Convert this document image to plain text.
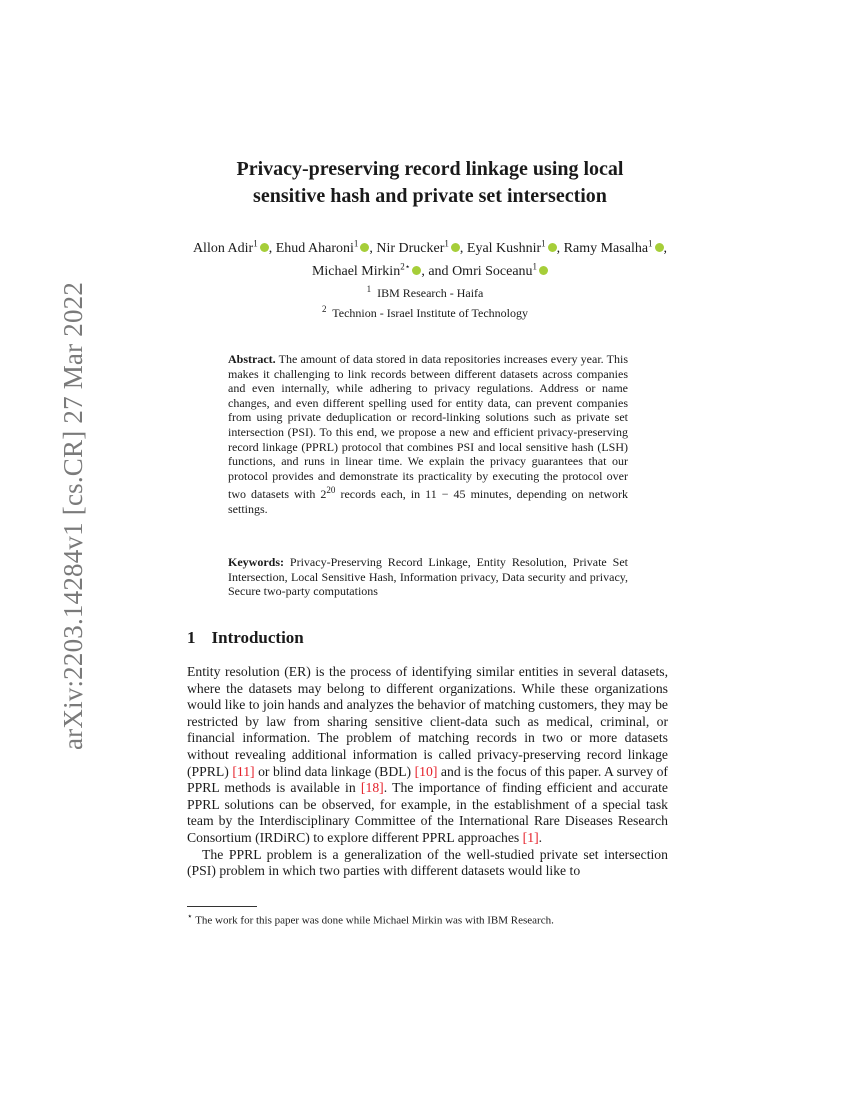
arXiv:2203.14284v1 [cs.CR] 27 Mar 2022
Privacy-preserving record linkage using local
sensitive hash and private set intersection
Allon Adir$^1$ , Ehud Aharoni$^1$ , Nir Drucker$^1$ , Eyal Kushnir$^1$ , Ramy Masalha$^1$ , Michael Mirkin$^{2⋆}$ , and Omri Soceanu$^1$
$^1$ IBM Research - Haifa
$^2$ Technion - Israel Institute of Technology
Abstract. The amount of data stored in data repositories increases every year. This makes it challenging to link records between different datasets across companies and even internally, while adhering to privacy regulations. Address or name changes, and even different spelling used for entity data, can prevent companies from using private deduplication or record-linking solutions such as private set intersection (PSI). To this end, we propose a new and efficient privacy-preserving record linkage (PPRL) protocol that combines PSI and local sensitive hash (LSH) functions, and runs in linear time. We explain the privacy guarantees that our protocol provides and demonstrate its practicality by executing the protocol over two datasets with $2^{20}$ records each, in 11 − 45 minutes, depending on network settings.
Keywords: Privacy-Preserving Record Linkage, Entity Resolution, Private Set Intersection, Local Sensitive Hash, Information privacy, Data security and privacy, Secure two-party computations
1 Introduction

Entity resolution (ER) is the process of identifying similar entities in several datasets, where the datasets may belong to different organizations. While these organizations would like to join hands and analyzes the behavior of matching customers, they may be restricted by law from sharing sensitive client-data such as medical, criminal, or financial information. The problem of matching records in two or more datasets without revealing additional information is called privacy-preserving record linkage (PPRL) [11] or blind data linkage (BDL) [10] and is the focus of this paper. A survey of PPRL methods is available in [18]. The importance of finding efficient and accurate PPRL solutions can be observed, for example, in the establishment of a special task team by the Interdisciplinary Committee of the International Rare Diseases Research Consortium (IRDiRC) to explore different PPRL approaches [1].

The PPRL problem is a generalization of the well-studied private set intersection (PSI) problem in which two parties with different datasets would like to

⋆ The work for this paper was done while Michael Mirkin was with IBM Research.
